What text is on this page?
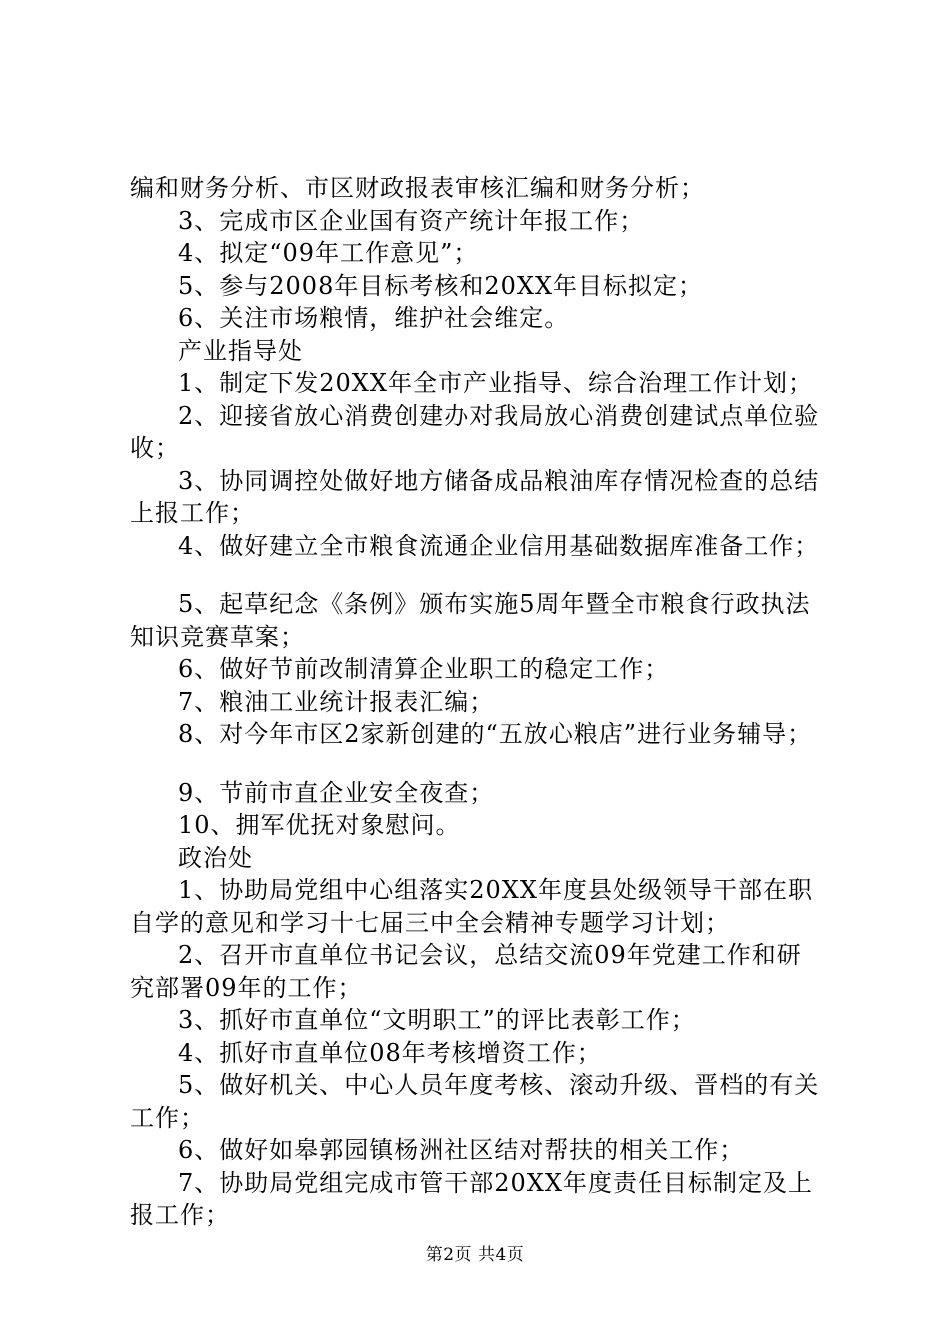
编和财务分析、市区财政报表审核汇编和财务分析；
3、完成市区企业国有资产统计年报工作；
4、拟定“09年工作意见”；
5、参与2008年目标考核和20XX年目标拟定；
6、关注市场粮情，维护社会维定。
产业指导处
1、制定下发20XX年全市产业指导、综合治理工作计划；
2、迎接省放心消费创建办对我局放心消费创建试点单位验
收；
3、协同调控处做好地方储备成品粮油库存情况检查的总结
上报工作；
4、做好建立全市粮食流通企业信用基础数据库准备工作；
5、起草纪念《条例》颁布实施5周年暨全市粮食行政执法
知识竞赛草案；
6、做好节前改制清算企业职工的稳定工作；
7、粮油工业统计报表汇编；
8、对今年市区2家新创建的“五放心粮店”进行业务辅导；
9、节前市直企业安全夜查；
10、拥军优抚对象慰问。
政治处
1、协助局党组中心组落实20XX年度县处级领导干部在职
自学的意见和学习十七届三中全会精神专题学习计划；
2、召开市直单位书记会议，总结交流09年党建工作和研
究部署09年的工作；
3、抓好市直单位“文明职工”的评比表彰工作；
4、抓好市直单位08年考核增资工作；
5、做好机关、中心人员年度考核、滚动升级、晋档的有关
工作；
6、做好如皋郭园镇杨洲社区结对帮扶的相关工作；
7、协助局党组完成市管干部20XX年度责任目标制定及上
报工作；
第2页 共4页
